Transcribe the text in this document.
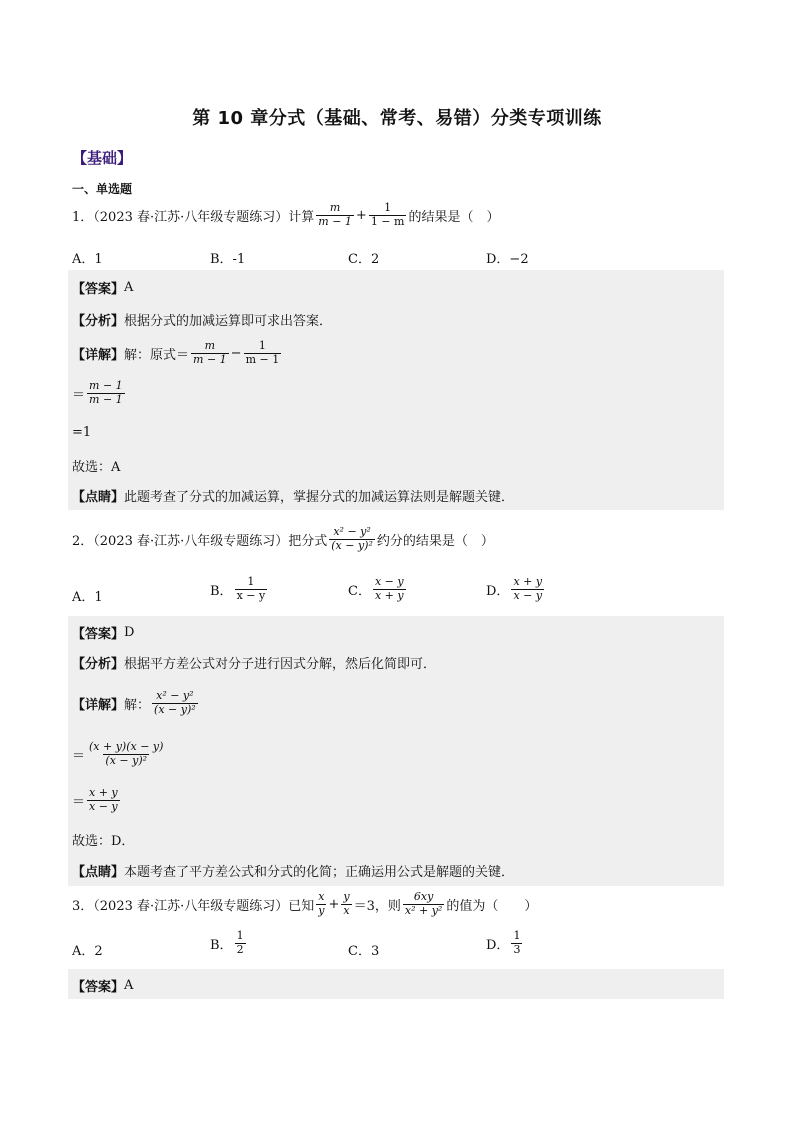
第 10 章分式（基础、常考、易错）分类专项训练
【基础】
一、单选题
1．（2023 春·江苏·八年级专题练习）计算 $\frac{m}{m - 1} + \frac{1}{1 - m}$ 的结果是（　）
A．1	B．-1	C．2	D．−2
【答案】 A
【分析】 根据分式的加减运算即可求出答案．
【详解】 解：原式＝ $\frac{m}{m - 1} - \frac{1}{m - 1}$
＝ $\frac{m - 1}{m - 1}$
=1
故选：A
【点睛】 此题考查了分式的加减运算，掌握分式的加减运算法则是解题关键．
2．（2023 春·江苏·八年级专题练习）把分式 $\frac{\text{x² − y²}}{\text{(x − y)²}}$ 约分的结果是（　）
A．1	B． $\frac{1}{x - y}$	C． $\frac{x - y}{x + y}$	D． $\frac{x + y}{x - y}$
【答案】 D
【分析】 根据平方差公式对分子进行因式分解，然后化简即可．
【详解】 解： $\frac{\text{x² − y²}}{\text{(x − y)²}}$
＝ $\frac{(x + y)(x - y)}{\text{(x − y)²}}$
＝ $\frac{x + y}{x - y}$
故选：D．
【点睛】 本题考查了平方差公式和分式的化简；正确运用公式是解题的关键．
3．（2023 春·江苏·八年级专题练习）已知 $\frac{x}{y} + \frac{y}{x} =3$，则 $\frac{6xy}{\text{x² + y²}}$ 的值为（　　）
A．2	B． $\frac{1}{2}$	C．3	D． $\frac{1}{3}$
【答案】 A
